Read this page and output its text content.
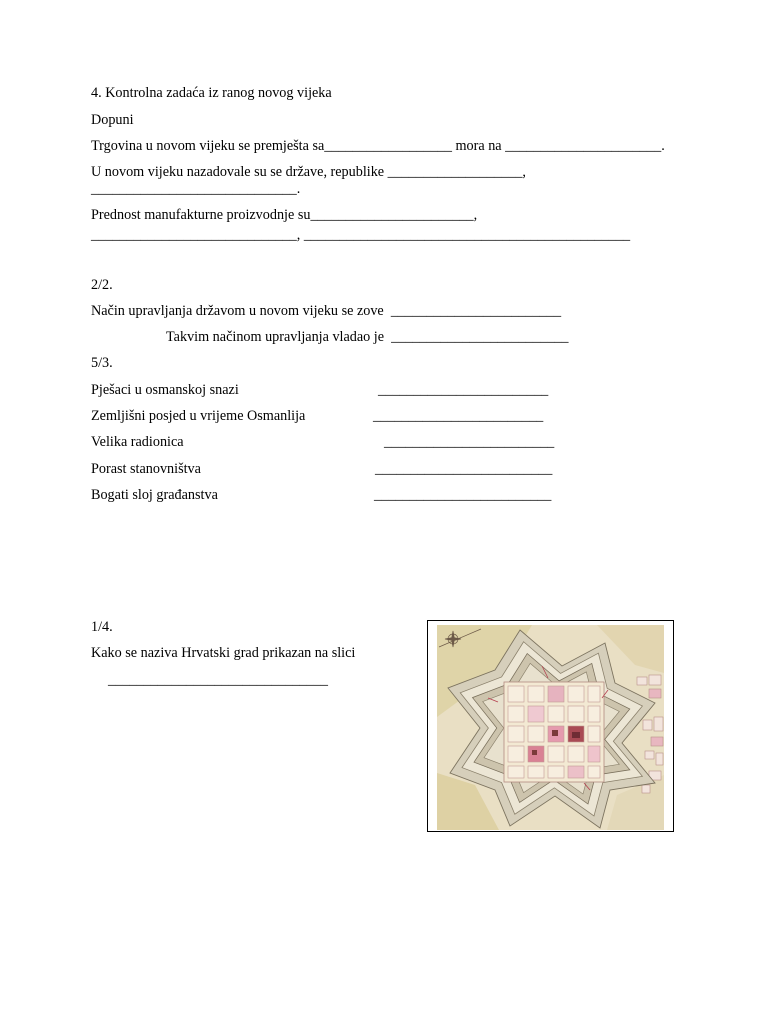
4. Kontrolna zadaća iz ranog novog vijeka
Dopuni
Trgovina u novom vijeku se premješta sa__________________ mora na ______________________.
U novom vijeku nazadovale su se države, republike ___________________,
_____________________________.
Prednost manufakturne proizvodnje su_______________________,
_____________________________, ______________________________________________
2/2.
Način upravljanja državom u novom vijeku se zove  ________________________
Takvim načinom upravljanja vladao je  _________________________
5/3.
Pješaci u osmanskoj snazi	________________________
Zemljišni posjed u vrijeme Osmanlija	________________________
Velika radionica	________________________
Porast stanovništva	_________________________
Bogati sloj građanstva	_________________________
1/4.
Kako se naziva Hrvatski grad prikazan na slici
_______________________________
